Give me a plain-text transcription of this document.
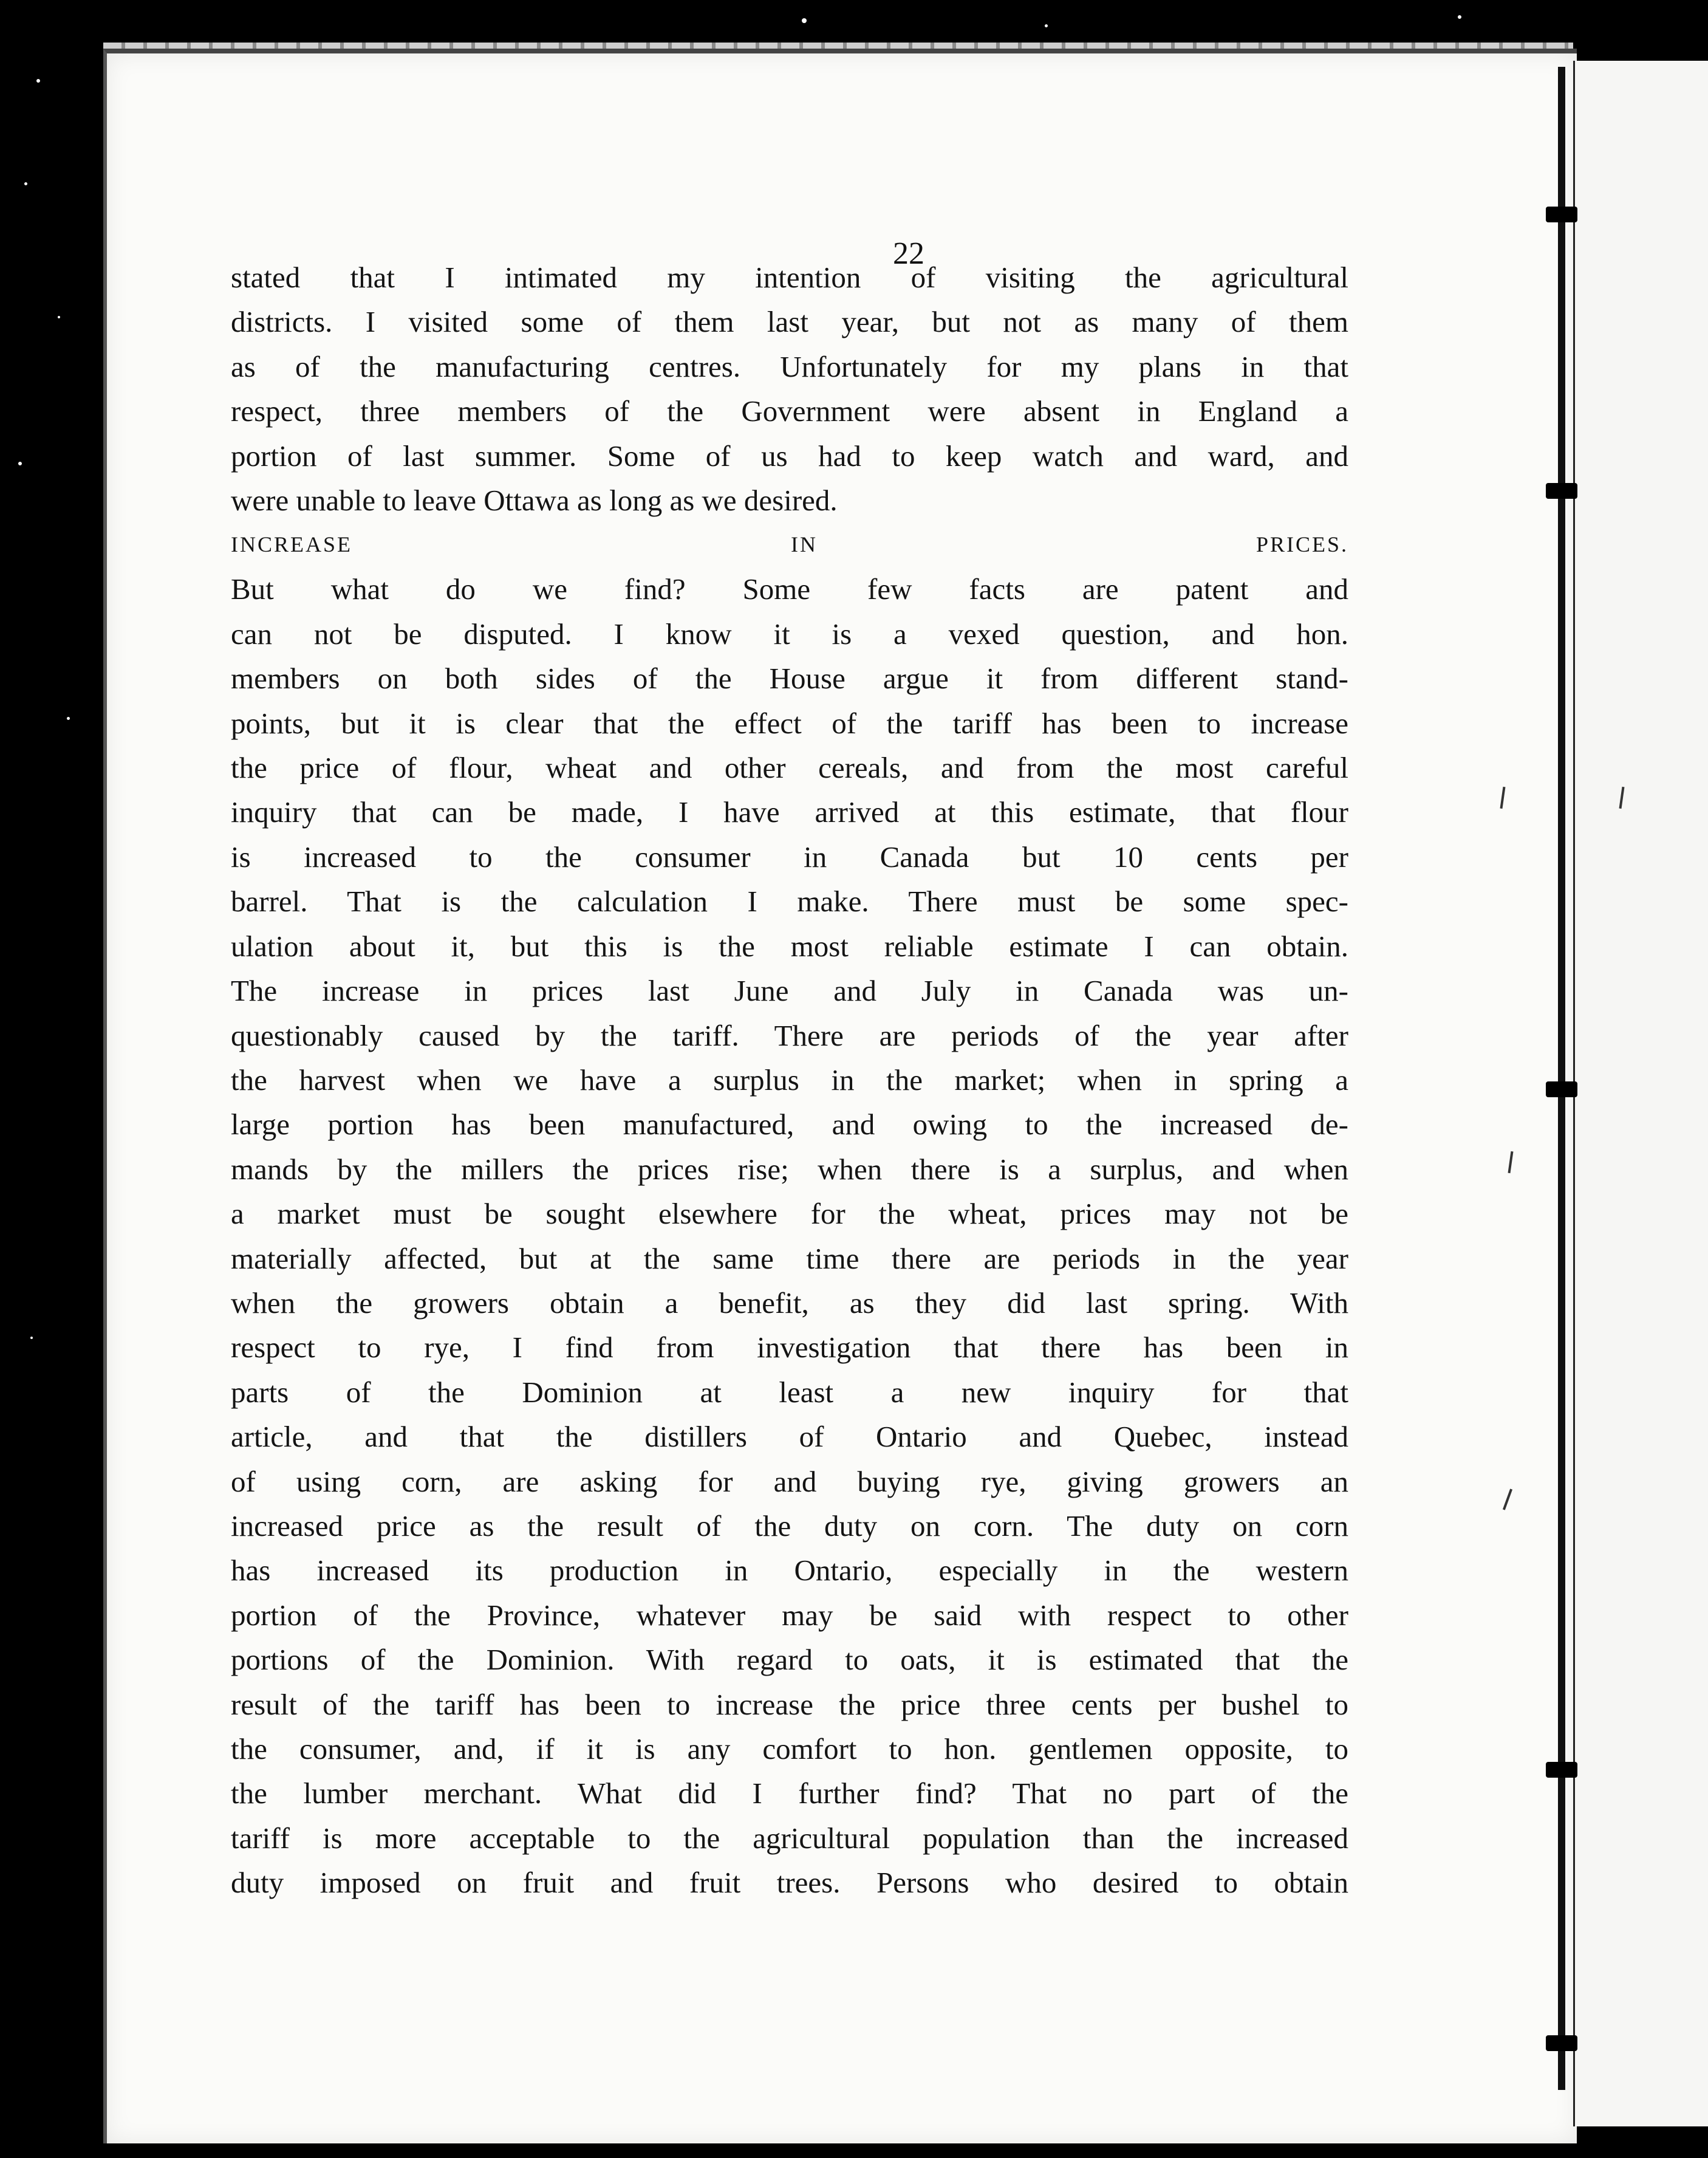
22

stated that I intimated my intention of visiting the agricultural

districts. I visited some of them last year, but not as many of them

as of the manufacturing centres. Unfortunately for my plans in that

respect, three members of the Government were absent in England a

portion of last summer. Some of us had to keep watch and ward, and

were unable to leave Ottawa as long as we desired.

INCREASE IN PRICES.

But what do we find? Some few facts are patent and

can not be disputed. I know it is a vexed question, and hon.

members on both sides of the House argue it from different stand-

points, but it is clear that the effect of the tariff has been to increase

the price of flour, wheat and other cereals, and from the most careful

inquiry that can be made, I have arrived at this estimate, that flour

is increased to the consumer in Canada but 10 cents per

barrel. That is the calculation I make. There must be some spec-

ulation about it, but this is the most reliable estimate I can obtain.

The increase in prices last June and July in Canada was un-

questionably caused by the tariff. There are periods of the year after

the harvest when we have a surplus in the market; when in spring a

large portion has been manufactured, and owing to the increased de-

mands by the millers the prices rise; when there is a surplus, and when

a market must be sought elsewhere for the wheat, prices may not be

materially affected, but at the same time there are periods in the year

when the growers obtain a benefit, as they did last spring. With

respect to rye, I find from investigation that there has been in

parts of the Dominion at least a new inquiry for that

article, and that the distillers of Ontario and Quebec, instead

of using corn, are asking for and buying rye, giving growers an

increased price as the result of the duty on corn. The duty on corn

has increased its production in Ontario, especially in the western

portion of the Province, whatever may be said with respect to other

portions of the Dominion. With regard to oats, it is estimated that the

result of the tariff has been to increase the price three cents per bushel to

the consumer, and, if it is any comfort to hon. gentlemen opposite, to

the lumber merchant. What did I further find? That no part of the

tariff is more acceptable to the agricultural population than the increased

duty imposed on fruit and fruit trees. Persons who desired to obtain
